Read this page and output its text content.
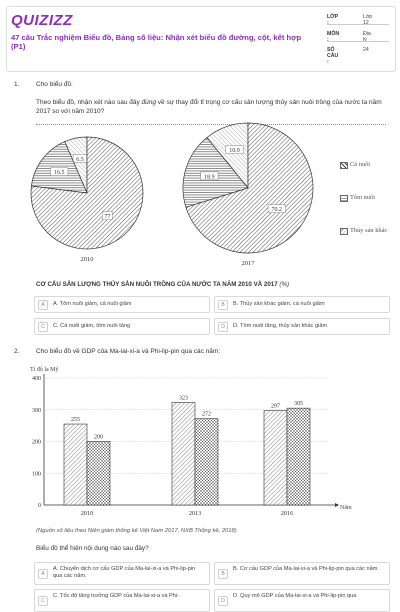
QUIZIZZ
47 câu Trắc nghiệm Biểu đồ, Bảng số liệu: Nhận xét biểu đồ đường, cột, kết hợp (P1)
LỚP :
Lớp 12
MÔN :
Địa lý
SỐ CÂU :
24
1.	Cho biểu đồ:
Theo biểu đồ, nhận xét nào sau đây đúng về sự thay đổi tỉ trọng cơ cấu sản lượng thủy sản nuôi trồng của nước ta năm 2017 so với năm 2010?
6.5
16.5
77
2010
10.9
18.9
70.2
2017
Cá nuôi
Tôm nuôi
Thủy sản khác
CƠ CẤU SẢN LƯỢNG THỦY SẢN NUÔI TRỒNG CỦA NƯỚC TA NĂM 2010 VÀ 2017 (%)
A	A. Tôm nuôi giảm, cá nuôi giảm	B	B. Thủy sản khác giảm, cá nuôi giảm
C	C. Cá nuôi giảm, tôm nuôi tăng	D	D. Tôm nuôi tăng, thủy sản khác giảm
2.	Cho biểu đồ về GDP của Ma-lai-xi-a và Phi-lip-pin qua các năm:
Tỉ đô la Mỹ
Năm
0
100
200
300
400
255
200
2010
323
272
2013
297 305
2016
(Nguồn số liệu theo Niên giám thống kê Việt Nam 2017, NXB Thống kê, 2018)
Biểu đồ thể hiện nội dung nào sau đây?
A
A. Chuyển dịch cơ cấu GDP của Ma-lai-xi-a và Phi-lip-pin qua các năm.	B
B. Cơ cấu GDP của Ma-lai-xi-a và Phi-lip-pin qua các năm.
C
C. Tốc độ tăng trưởng GDP của Ma-lai-xi-a và Phi-
D
D. Quy mô GDP của Ma-lai-xi-a và Phi-lip-pin qua
